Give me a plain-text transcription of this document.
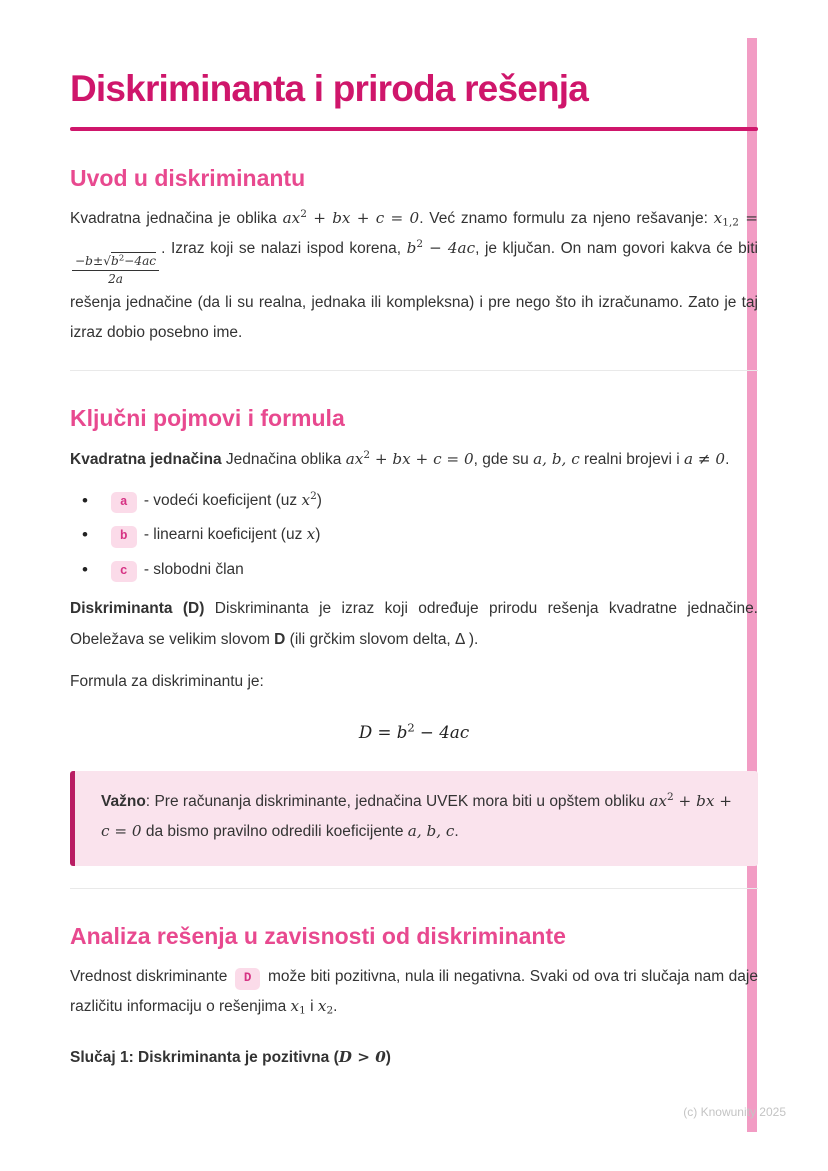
Diskriminanta i priroda rešenja
Uvod u diskriminantu

Kvadratna jednačina je oblika $ax^2$ + bx + c = 0. Već znamo formulu za njeno rešavanje: $x_{1,2}$ =
$\frac{-b\pm√b^2-4ac}{2a}$
. Izraz koji se nalazi ispod korena, $b^2 - 4ac$, je ključan. On nam govori kakva će biti rešenja jednačine (da li su realna, jednaka ili kompleksna) i pre nego što ih izračunamo. Zato je taj izraz dobio posebno ime.

Ključni pojmovi i formula

Kvadratna jednačina Jednačina oblika $ax^2$ + bx + c = 0, gde su a, b, c realni brojevi i a ≠ 0.

• a - vodeći koeficijent (uz $x^2$)
• b - linearni koeficijent (uz x)
• c - slobodni član

Diskriminanta (D) Diskriminanta je izraz koji određuje prirodu rešenja kvadratne jednačine. Obeležava se velikim slovom D (ili grčkim slovom delta, Δ ).

Formula za diskriminantu je:

$D = b^2 - 4ac$

Važno: Pre računanja diskriminante, jednačina UVEK mora biti u opštem obliku $ax^2$ + bx + c = 0 da bismo pravilno odredili koeficijente a, b, c.

Analiza rešenja u zavisnosti od diskriminante

Vrednost diskriminante D može biti pozitivna, nula ili negativna. Svaki od ova tri slučaja nam daje različitu informaciju o rešenjima $x_1$ i $x_2$.

Slučaj 1: Diskriminanta je pozitivna (D > 0)

(c) Knowunity 2025
